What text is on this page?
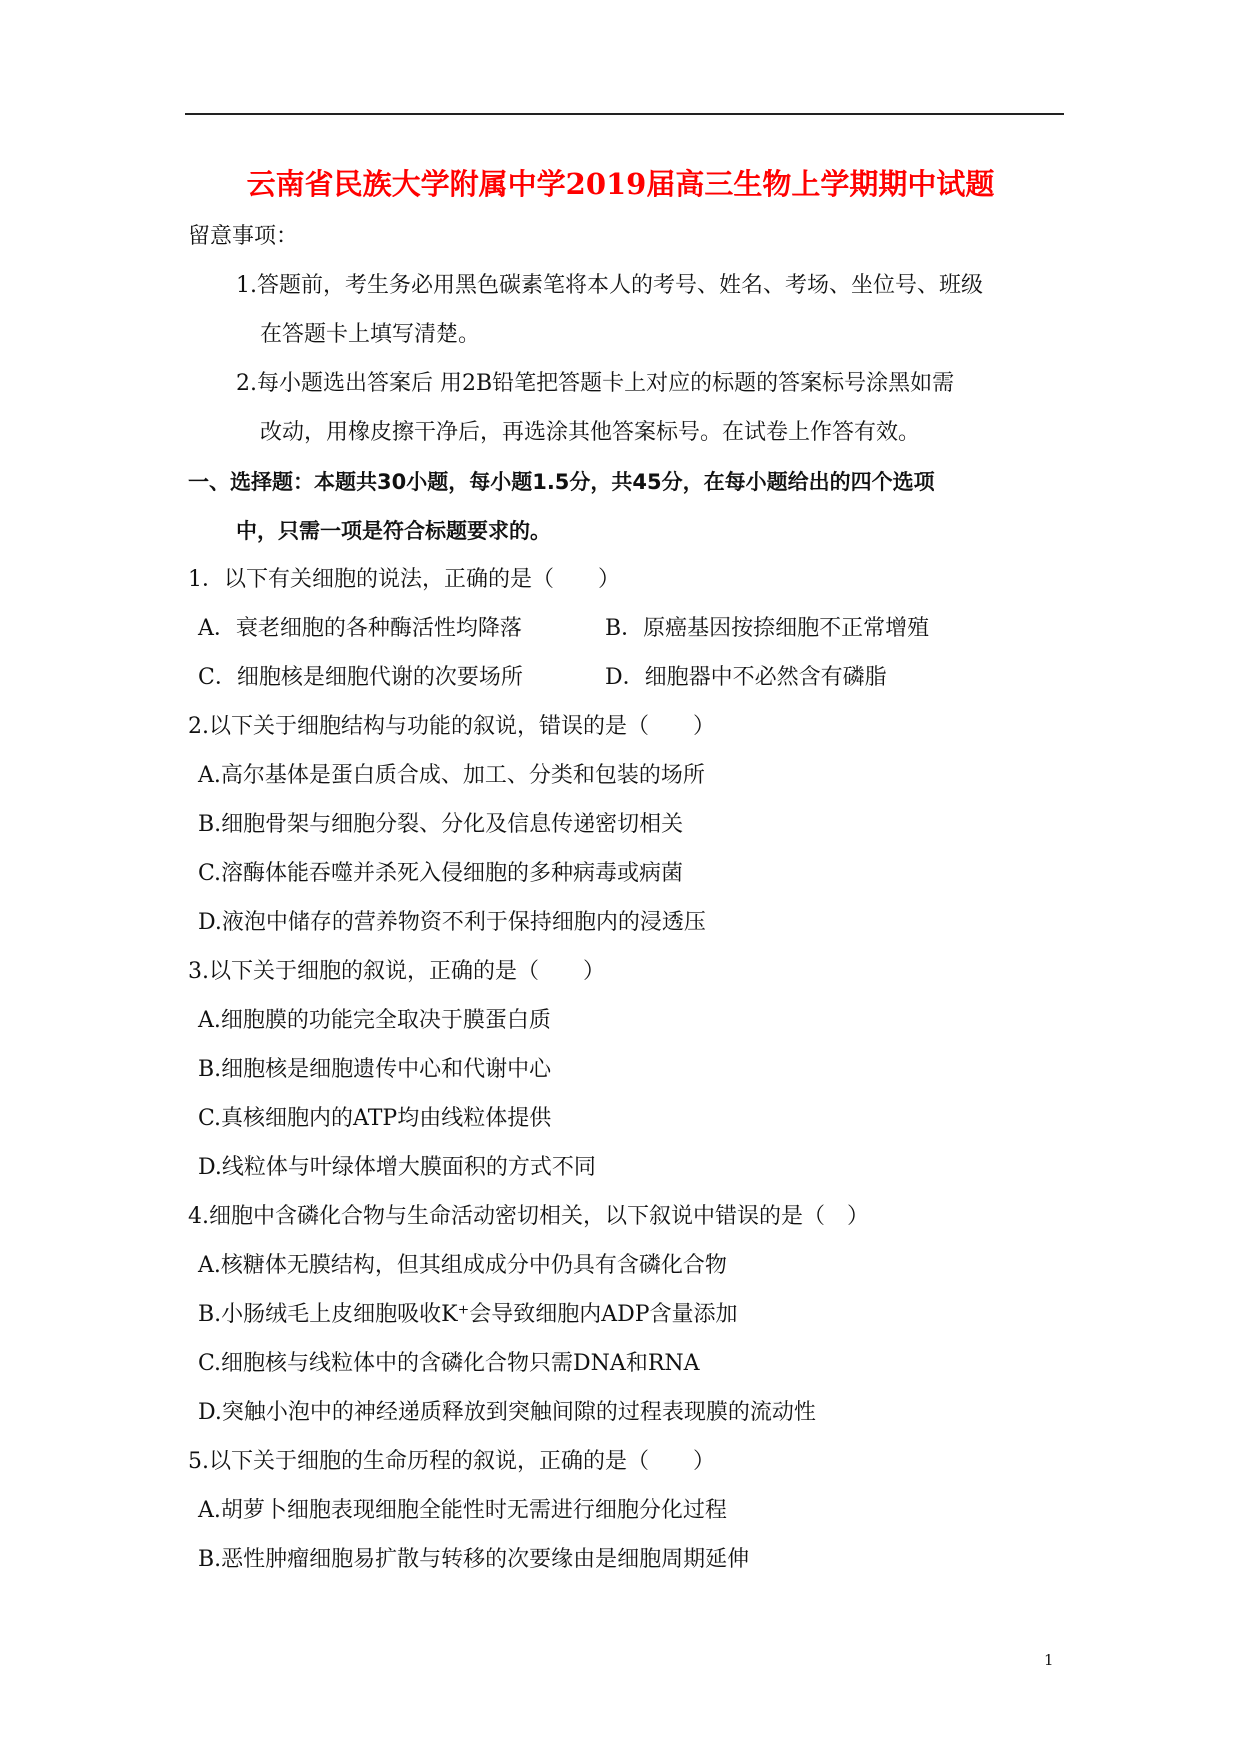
云南省民族大学附属中学2019届高三生物上学期期中试题
留意事项：
1.答题前，考生务必用黑色碳素笔将本人的考号、姓名、考场、坐位号、班级
在答题卡上填写清楚。
2.每小题选出答案后 用2B铅笔把答题卡上对应的标题的答案标号涂黑如需
改动，用橡皮擦干净后，再选涂其他答案标号。在试卷上作答有效。
一、选择题：本题共30小题，每小题1.5分，共45分，在每小题给出的四个选项
中，只需一项是符合标题要求的。
1．以下有关细胞的说法，正确的是（　　）
A．衰老细胞的各种酶活性均降落	B．原癌基因按捺细胞不正常增殖
C．细胞核是细胞代谢的次要场所	D．细胞器中不必然含有磷脂
2.以下关于细胞结构与功能的叙说，错误的是（　　）
A.高尔基体是蛋白质合成、加工、分类和包装的场所
B.细胞骨架与细胞分裂、分化及信息传递密切相关
C.溶酶体能吞噬并杀死入侵细胞的多种病毒或病菌
D.液泡中储存的营养物资不利于保持细胞内的浸透压
3.以下关于细胞的叙说，正确的是（　　）
A.细胞膜的功能完全取决于膜蛋白质
B.细胞核是细胞遗传中心和代谢中心
C.真核细胞内的ATP均由线粒体提供
D.线粒体与叶绿体增大膜面积的方式不同
4.细胞中含磷化合物与生命活动密切相关，以下叙说中错误的是（　）
A.核糖体无膜结构，但其组成成分中仍具有含磷化合物
B.小肠绒毛上皮细胞吸收K⁺会导致细胞内ADP含量添加
C.细胞核与线粒体中的含磷化合物只需DNA和RNA
D.突触小泡中的神经递质释放到突触间隙的过程表现膜的流动性
5.以下关于细胞的生命历程的叙说，正确的是（　　）
A.胡萝卜细胞表现细胞全能性时无需进行细胞分化过程
B.恶性肿瘤细胞易扩散与转移的次要缘由是细胞周期延伸
1
